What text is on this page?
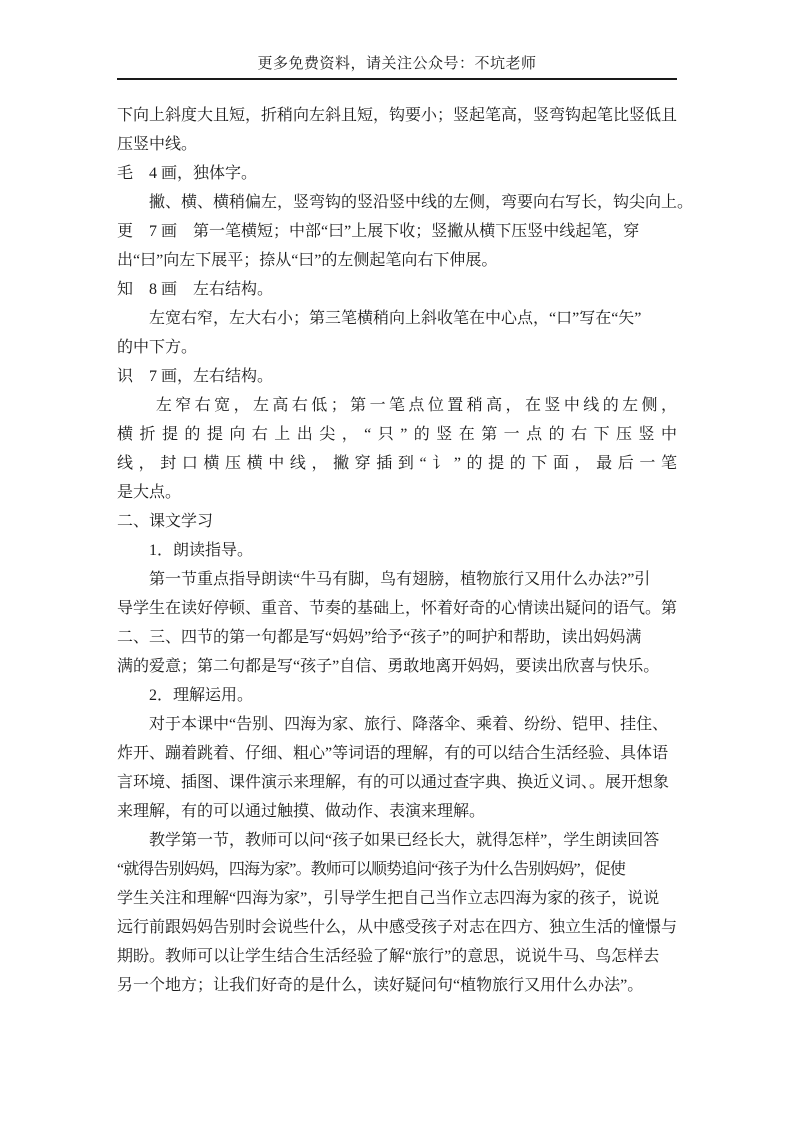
更多免费资料，请关注公众号：不坑老师
下向上斜度大且短，折稍向左斜且短，钩要小；竖起笔高，竖弯钩起笔比竖低且
压竖中线。
毛　4 画，独体字。
　　撇、横、横稍偏左，竖弯钩的竖沿竖中线的左侧，弯要向右写长，钩尖向上。
更　7 画　第一笔横短；中部“曰”上展下收；竖撇从横下压竖中线起笔，穿
出“曰”向左下展平；捺从“曰”的左侧起笔向右下伸展。
知　8 画　左右结构。
　　左宽右窄，左大右小；第三笔横稍向上斜收笔在中心点，“口”写在“矢”
的中下方。
识　7 画，左右结构。
　　左窄右宽，左高右低；第一笔点位置稍高，在竖中线的左侧，
横折提的提向右上出尖，“只”的竖在第一点的右下压竖中
线，封口横压横中线，撇穿插到“讠”的提的下面，最后一笔
是大点。
二、课文学习
　　1．朗读指导。
　　第一节重点指导朗读“牛马有脚，鸟有翅膀，植物旅行又用什么办法?”引
导学生在读好停顿、重音、节奏的基础上，怀着好奇的心情读出疑问的语气。第
二、三、四节的第一句都是写“妈妈”给予“孩子”的呵护和帮助，读出妈妈满
满的爱意；第二句都是写“孩子”自信、勇敢地离开妈妈，要读出欣喜与快乐。
　　2．理解运用。
　　对于本课中“告别、四海为家、旅行、降落伞、乘着、纷纷、铠甲、挂住、
炸开、蹦着跳着、仔细、粗心”等词语的理解，有的可以结合生活经验、具体语
言环境、插图、课件演示来理解，有的可以通过查字典、换近义词、。展开想象
来理解，有的可以通过触摸、做动作、表演来理解。
　　教学第一节，教师可以问“孩子如果已经长大，就得怎样”，学生朗读回答
“就得告别妈妈，四海为家”。教师可以顺势追问“孩子为什么告别妈妈”，促使
学生关注和理解“四海为家”，引导学生把自己当作立志四海为家的孩子，说说
远行前跟妈妈告别时会说些什么，从中感受孩子对志在四方、独立生活的憧憬与
期盼。教师可以让学生结合生活经验了解“旅行”的意思，说说牛马、鸟怎样去
另一个地方；让我们好奇的是什么，读好疑问句“植物旅行又用什么办法”。
